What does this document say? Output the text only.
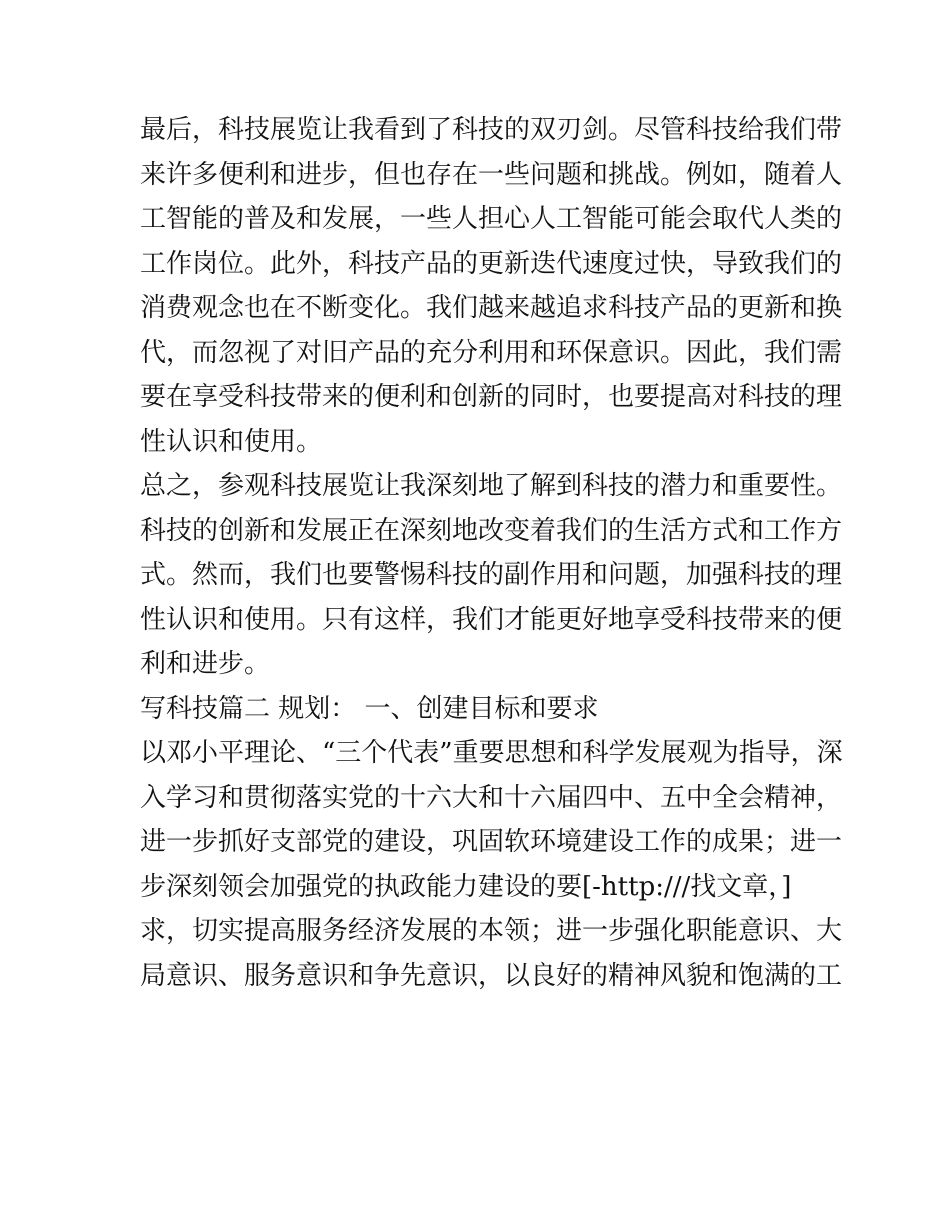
最后，科技展览让我看到了科技的双刃剑。尽管科技给我们带
来许多便利和进步，但也存在一些问题和挑战。例如，随着人
工智能的普及和发展，一些人担心人工智能可能会取代人类的
工作岗位。此外，科技产品的更新迭代速度过快，导致我们的
消费观念也在不断变化。我们越来越追求科技产品的更新和换
代，而忽视了对旧产品的充分利用和环保意识。因此，我们需
要在享受科技带来的便利和创新的同时，也要提高对科技的理
性认识和使用。
总之，参观科技展览让我深刻地了解到科技的潜力和重要性。
科技的创新和发展正在深刻地改变着我们的生活方式和工作方
式。然而，我们也要警惕科技的副作用和问题，加强科技的理
性认识和使用。只有这样，我们才能更好地享受科技带来的便
利和进步。
写科技篇二 规划： 一、创建目标和要求
以邓小平理论、“三个代表”重要思想和科学发展观为指导，深
入学习和贯彻落实党的十六大和十六届四中、五中全会精神，
进一步抓好支部党的建设，巩固软环境建设工作的成果；进一
步深刻领会加强党的执政能力建设的要[-http:///找文章，]
求，切实提高服务经济发展的本领；进一步强化职能意识、大
局意识、服务意识和争先意识，以良好的精神风貌和饱满的工
